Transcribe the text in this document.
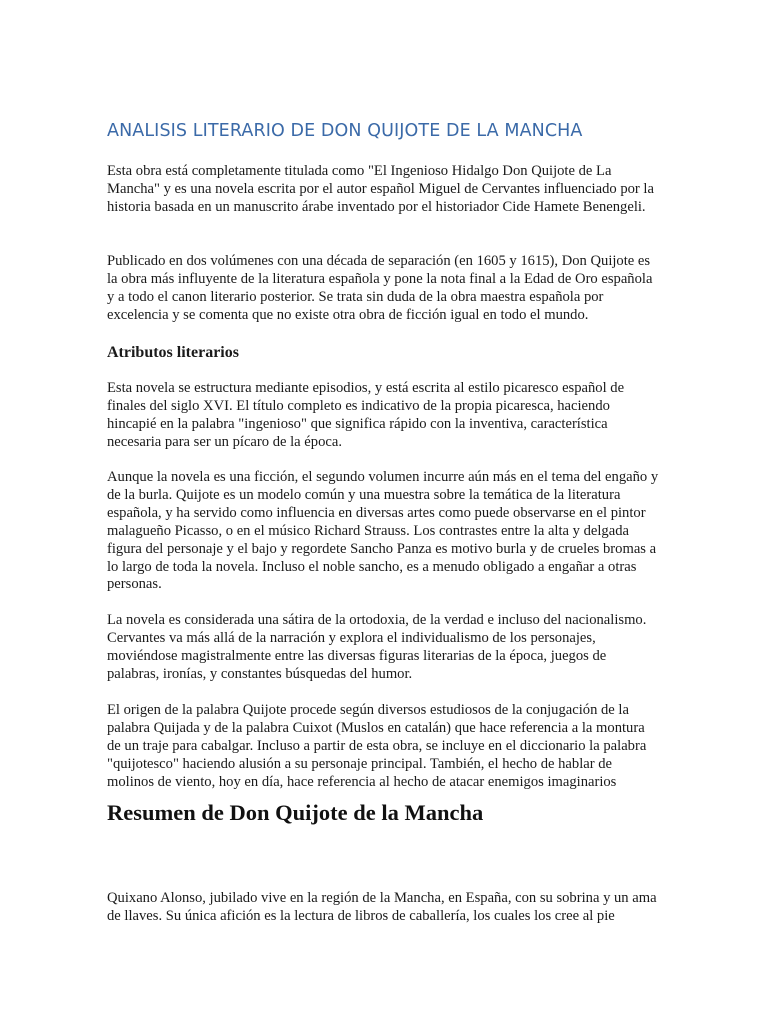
ANALISIS LITERARIO DE DON QUIJOTE DE LA MANCHA

Esta obra está completamente titulada como "El Ingenioso Hidalgo Don Quijote de La Mancha" y es una novela escrita por el autor español Miguel de Cervantes influenciado por la historia basada en un manuscrito árabe inventado por el historiador Cide Hamete Benengeli.

Publicado en dos volúmenes con una década de separación (en 1605 y 1615), Don Quijote es la obra más influyente de la literatura española y pone la nota final a la Edad de Oro española y a todo el canon literario posterior. Se trata sin duda de la obra maestra española por excelencia y se comenta que no existe otra obra de ficción igual en todo el mundo.

Atributos literarios

Esta novela se estructura mediante episodios, y está escrita al estilo picaresco español de finales del siglo XVI. El título completo es indicativo de la propia picaresca, haciendo hincapié en la palabra "ingenioso" que significa rápido con la inventiva, característica necesaria para ser un pícaro de la época.

Aunque la novela es una ficción, el segundo volumen incurre aún más en el tema del engaño y de la burla. Quijote es un modelo común y una muestra sobre la temática de la literatura española, y ha servido como influencia en diversas artes como puede observarse en el pintor malagueño Picasso, o en el músico Richard Strauss. Los contrastes entre la alta y delgada figura del personaje y el bajo y regordete Sancho Panza es motivo burla y de crueles bromas a lo largo de toda la novela. Incluso el noble sancho, es a menudo obligado a engañar a otras personas.

La novela es considerada una sátira de la ortodoxia, de la verdad e incluso del nacionalismo. Cervantes va más allá de la narración y explora el individualismo de los personajes, moviéndose magistralmente entre las diversas figuras literarias de la época, juegos de palabras, ironías, y constantes búsquedas del humor.

El origen de la palabra Quijote procede según diversos estudiosos de la conjugación de la palabra Quijada y de la palabra Cuixot (Muslos en catalán) que hace referencia a la montura de un traje para cabalgar. Incluso a partir de esta obra, se incluye en el diccionario la palabra "quijotesco" haciendo alusión a su personaje principal. También, el hecho de hablar de molinos de viento, hoy en día, hace referencia al hecho de atacar enemigos imaginarios

Resumen de Don Quijote de la Mancha

Quixano Alonso, jubilado vive en la región de la Mancha, en España, con su sobrina y un ama de llaves. Su única afición es la lectura de libros de caballería, los cuales los cree al pie
